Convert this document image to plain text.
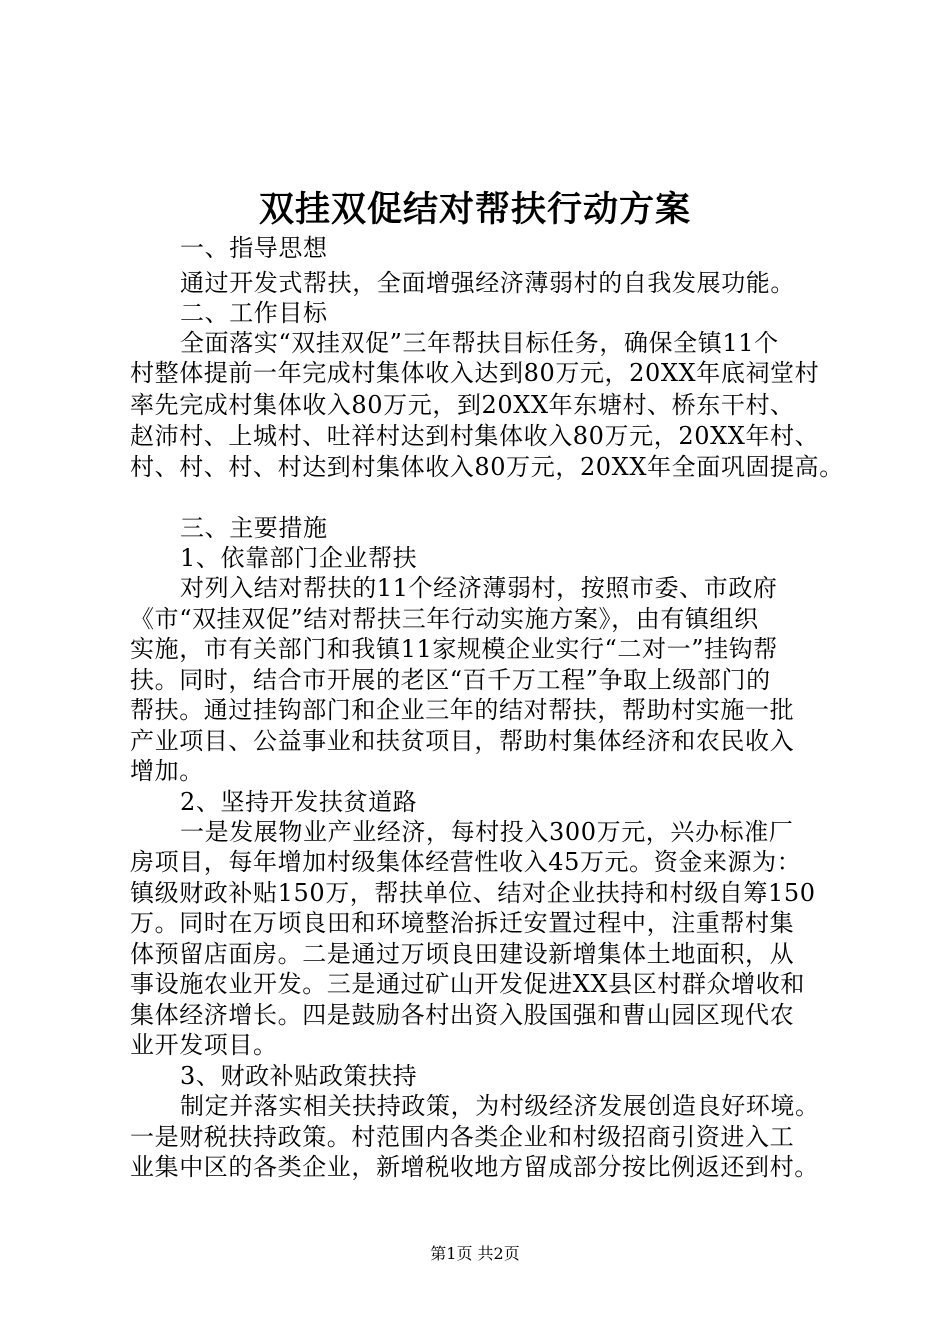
双挂双促结对帮扶行动方案
一、指导思想
通过开发式帮扶，全面增强经济薄弱村的自我发展功能。
二、工作目标
全面落实“双挂双促”三年帮扶目标任务，确保全镇11个
村整体提前一年完成村集体收入达到80万元，20XX年底祠堂村
率先完成村集体收入80万元，到20XX年东塘村、桥东干村、
赵沛村、上城村、吐祥村达到村集体收入80万元，20XX年村、
村、村、村、村达到村集体收入80万元，20XX年全面巩固提高。
三、主要措施
1、依靠部门企业帮扶
对列入结对帮扶的11个经济薄弱村，按照市委、市政府
《市“双挂双促”结对帮扶三年行动实施方案》，由有镇组织
实施，市有关部门和我镇11家规模企业实行“二对一”挂钩帮
扶。同时，结合市开展的老区“百千万工程”争取上级部门的
帮扶。通过挂钩部门和企业三年的结对帮扶，帮助村实施一批
产业项目、公益事业和扶贫项目，帮助村集体经济和农民收入
增加。
2、坚持开发扶贫道路
一是发展物业产业经济，每村投入300万元，兴办标准厂
房项目，每年增加村级集体经营性收入45万元。资金来源为：
镇级财政补贴150万，帮扶单位、结对企业扶持和村级自筹150
万。同时在万顷良田和环境整治拆迁安置过程中，注重帮村集
体预留店面房。二是通过万顷良田建设新增集体土地面积，从
事设施农业开发。三是通过矿山开发促进XX县区村群众增收和
集体经济增长。四是鼓励各村出资入股国强和曹山园区现代农
业开发项目。
3、财政补贴政策扶持
制定并落实相关扶持政策，为村级经济发展创造良好环境。
一是财税扶持政策。村范围内各类企业和村级招商引资进入工
业集中区的各类企业，新增税收地方留成部分按比例返还到村。
第1页 共2页
